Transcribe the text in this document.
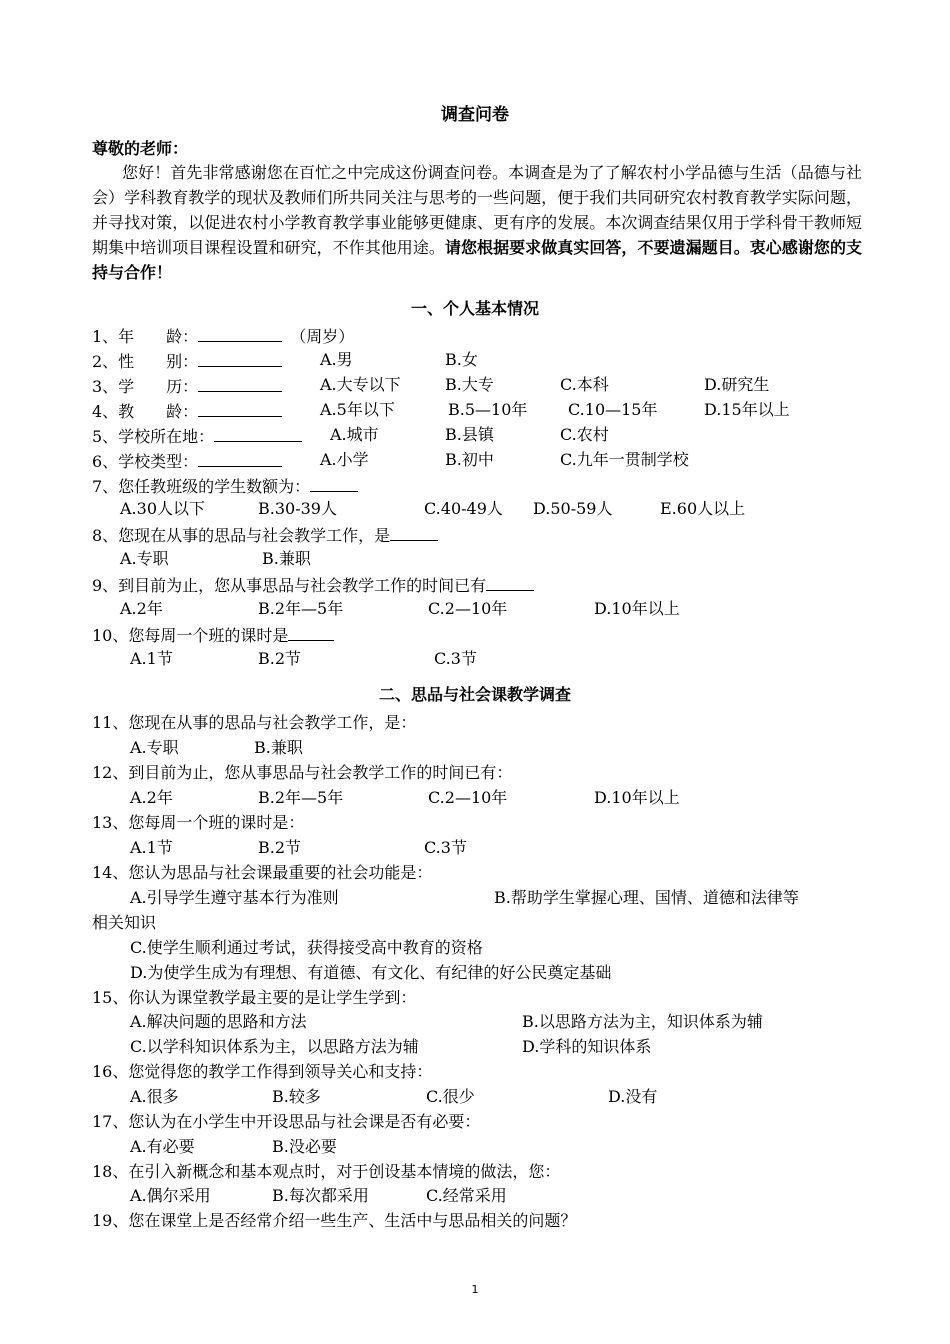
调查问卷
尊敬的老师：
您好！首先非常感谢您在百忙之中完成这份调查问卷。本调查是为了了解农村小学品德与生活（品德与社会）学科教育教学的现状及教师们所共同关注与思考的一些问题，便于我们共同研究农村教育教学实际问题，并寻找对策，以促进农村小学教育教学事业能够更健康、更有序的发展。本次调查结果仅用于学科骨干教师短期集中培训项目课程设置和研究，不作其他用途。请您根据要求做真实回答，不要遗漏题目。衷心感谢您的支持与合作！
一、个人基本情况
1、年　　龄：	（周岁）
2、性　　别：	A.男	B.女
3、学　　历：	A.大专以下	B.大专	C.本科	D.研究生
4、教　　龄：	A.5年以下	B.5—10年	C.10—15年	D.15年以上
5、学校所在地：	A.城市	B.县镇	C.农村
6、学校类型：	A.小学	B.初中	C.九年一贯制学校
7、您任教班级的学生数额为：
A.30人以下	B.30-39人	C.40-49人 D.50-59人	E.60人以上
8、您现在从事的思品与社会教学工作，是
A.专职	B.兼职
9、到目前为止，您从事思品与社会教学工作的时间已有
A.2年	B.2年—5年	C.2—10年	D.10年以上
10、您每周一个班的课时是
A.1节	B.2节	C.3节
二、思品与社会课教学调查
11、您现在从事的思品与社会教学工作，是：
A.专职	B.兼职
12、到目前为止，您从事思品与社会教学工作的时间已有：
A.2年	B.2年—5年	C.2—10年	D.10年以上
13、您每周一个班的课时是：
A.1节	B.2节	C.3节
14、您认为思品与社会课最重要的社会功能是：
A.引导学生遵守基本行为准则	B.帮助学生掌握心理、国情、道德和法律等
相关知识
C.使学生顺利通过考试，获得接受高中教育的资格
D.为使学生成为有理想、有道德、有文化、有纪律的好公民奠定基础
15、你认为课堂教学最主要的是让学生学到：
A.解决问题的思路和方法	B.以思路方法为主，知识体系为辅
C.以学科知识体系为主，以思路方法为辅	D.学科的知识体系
16、您觉得您的教学工作得到领导关心和支持：
A.很多	B.较多	C.很少	D.没有
17、您认为在小学生中开设思品与社会课是否有必要：
A.有必要	B.没必要
18、在引入新概念和基本观点时，对于创设基本情境的做法，您：
A.偶尔采用	B.每次都采用	C.经常采用
19、您在课堂上是否经常介绍一些生产、生活中与思品相关的问题？
1
